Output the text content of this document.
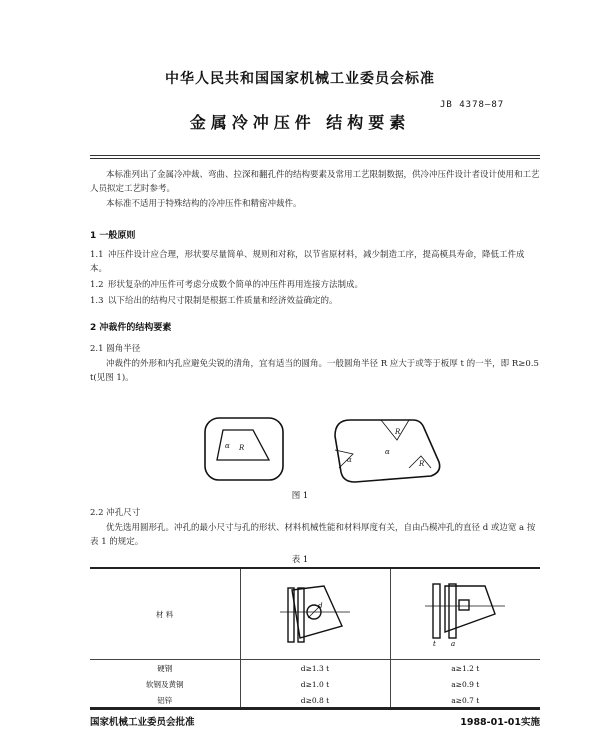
中华人民共和国国家机械工业委员会标准
JB 4378—87
金属冷冲压件 结构要素
本标准列出了金属冷冲裁、弯曲、拉深和翻孔件的结构要素及常用工艺限制数据，供冷冲压件设计者设计使用和工艺人员拟定工艺时参考。
本标准不适用于特殊结构的冷冲压件和精密冲裁件。
1 一般原则
1.1 冲压件设计应合理，形状要尽量简单、规则和对称，以节省原材料，减少制造工序，提高模具寿命，降低工件成本。
1.2 形状复杂的冲压件可考虑分成数个简单的冲压件再用连接方法制成。
1.3 以下给出的结构尺寸限制是根据工件质量和经济效益确定的。
2 冲裁件的结构要素
2.1 圆角半径
冲裁件的外形和内孔应避免尖锐的清角，宜有适当的圆角。一般圆角半径 R 应大于或等于板厚 t 的一半，即 R≥0.5 t(见图 1)。
R
α
R
α
α
R
图 1
2.2 冲孔尺寸
优先选用圆形孔。冲孔的最小尺寸与孔的形状、材料机械性能和材料厚度有关，自由凸模冲孔的直径 d 或边宽 a 按表 1 的规定。
表 1
材 料	d	t a

硬钢	d≥1.3 t	a≥1.2 t
软钢及黄铜	d≥1.0 t	a≥0.9 t
铝锌	d≥0.8 t	a≥0.7 t
国家机械工业委员会批准	1988-01-01实施
